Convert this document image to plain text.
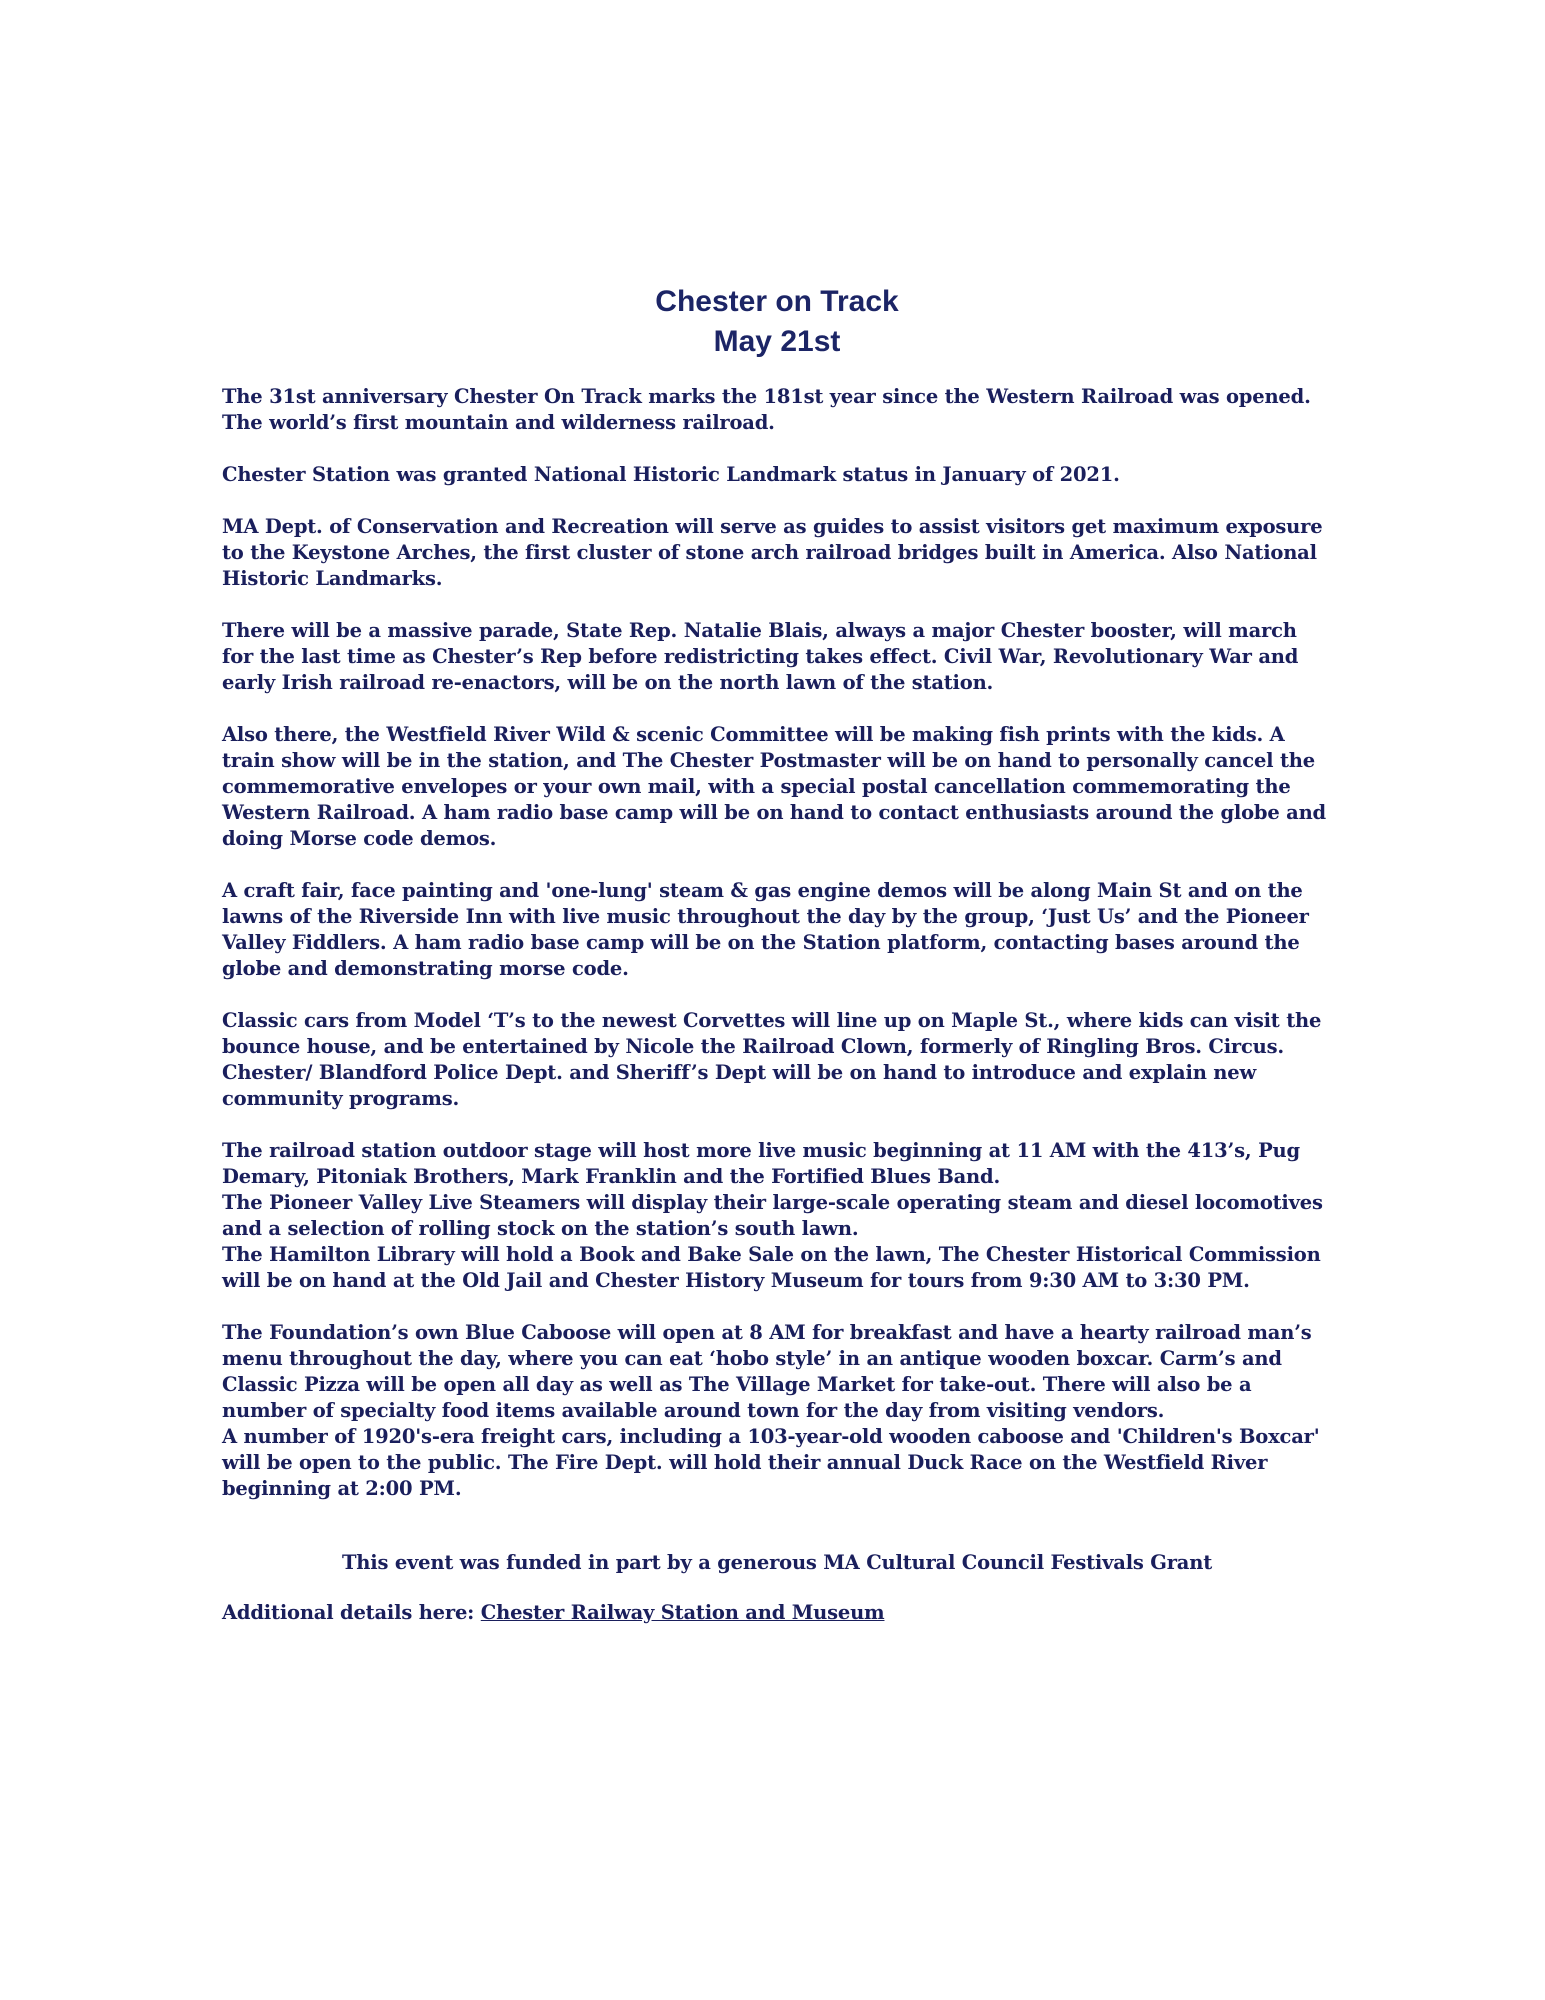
Chester on Track
May 21st
The 31st anniversary Chester On Track marks the 181st year since the Western Railroad was opened. The world’s first mountain and wilderness railroad.
Chester Station was granted National Historic Landmark status in January of 2021.
MA Dept. of Conservation and Recreation will serve as guides to assist visitors get maximum exposure to the Keystone Arches, the first cluster of stone arch railroad bridges built in America. Also National Historic Landmarks.
There will be a massive parade, State Rep. Natalie Blais, always a major Chester booster, will march for the last time as Chester’s Rep before redistricting takes effect. Civil War, Revolutionary War and early Irish railroad re-enactors, will be on the north lawn of the station.
Also there, the Westfield River Wild & scenic Committee will be making fish prints with the kids. A train show will be in the station, and The Chester Postmaster will be on hand to personally cancel the commemorative envelopes or your own mail, with a special postal cancellation commemorating the Western Railroad. A ham radio base camp will be on hand to contact enthusiasts around the globe and doing Morse code demos.
A craft fair, face painting and 'one-lung' steam & gas engine demos will be along Main St and on the lawns of the Riverside Inn with live music throughout the day by the group, ‘Just Us’ and the Pioneer Valley Fiddlers. A ham radio base camp will be on the Station platform, contacting bases around the globe and demonstrating morse code.
Classic cars from Model ‘T’s to the newest Corvettes will line up on Maple St., where kids can visit the bounce house, and be entertained by Nicole the Railroad Clown, formerly of Ringling Bros. Circus. Chester/ Blandford Police Dept. and Sheriff’s Dept will be on hand to introduce and explain new community programs.
The railroad station outdoor stage will host more live music beginning at 11 AM with the 413’s, Pug Demary, Pitoniak Brothers, Mark Franklin and the Fortified Blues Band.
The Pioneer Valley Live Steamers will display their large-scale operating steam and diesel locomotives and a selection of rolling stock on the station’s south lawn.
The Hamilton Library will hold a Book and Bake Sale on the lawn, The Chester Historical Commission will be on hand at the Old Jail and Chester History Museum for tours from 9:30 AM to 3:30 PM.
The Foundation’s own Blue Caboose will open at 8 AM for breakfast and have a hearty railroad man’s menu throughout the day, where you can eat ‘hobo style’ in an antique wooden boxcar. Carm’s and Classic Pizza will be open all day as well as The Village Market for take-out. There will also be a number of specialty food items available around town for the day from visiting vendors.
A number of 1920's-era freight cars, including a 103-year-old wooden caboose and 'Children's Boxcar' will be open to the public. The Fire Dept. will hold their annual Duck Race on the Westfield River beginning at 2:00 PM.
This event was funded in part by a generous MA Cultural Council Festivals Grant
Additional details here: Chester Railway Station and Museum
